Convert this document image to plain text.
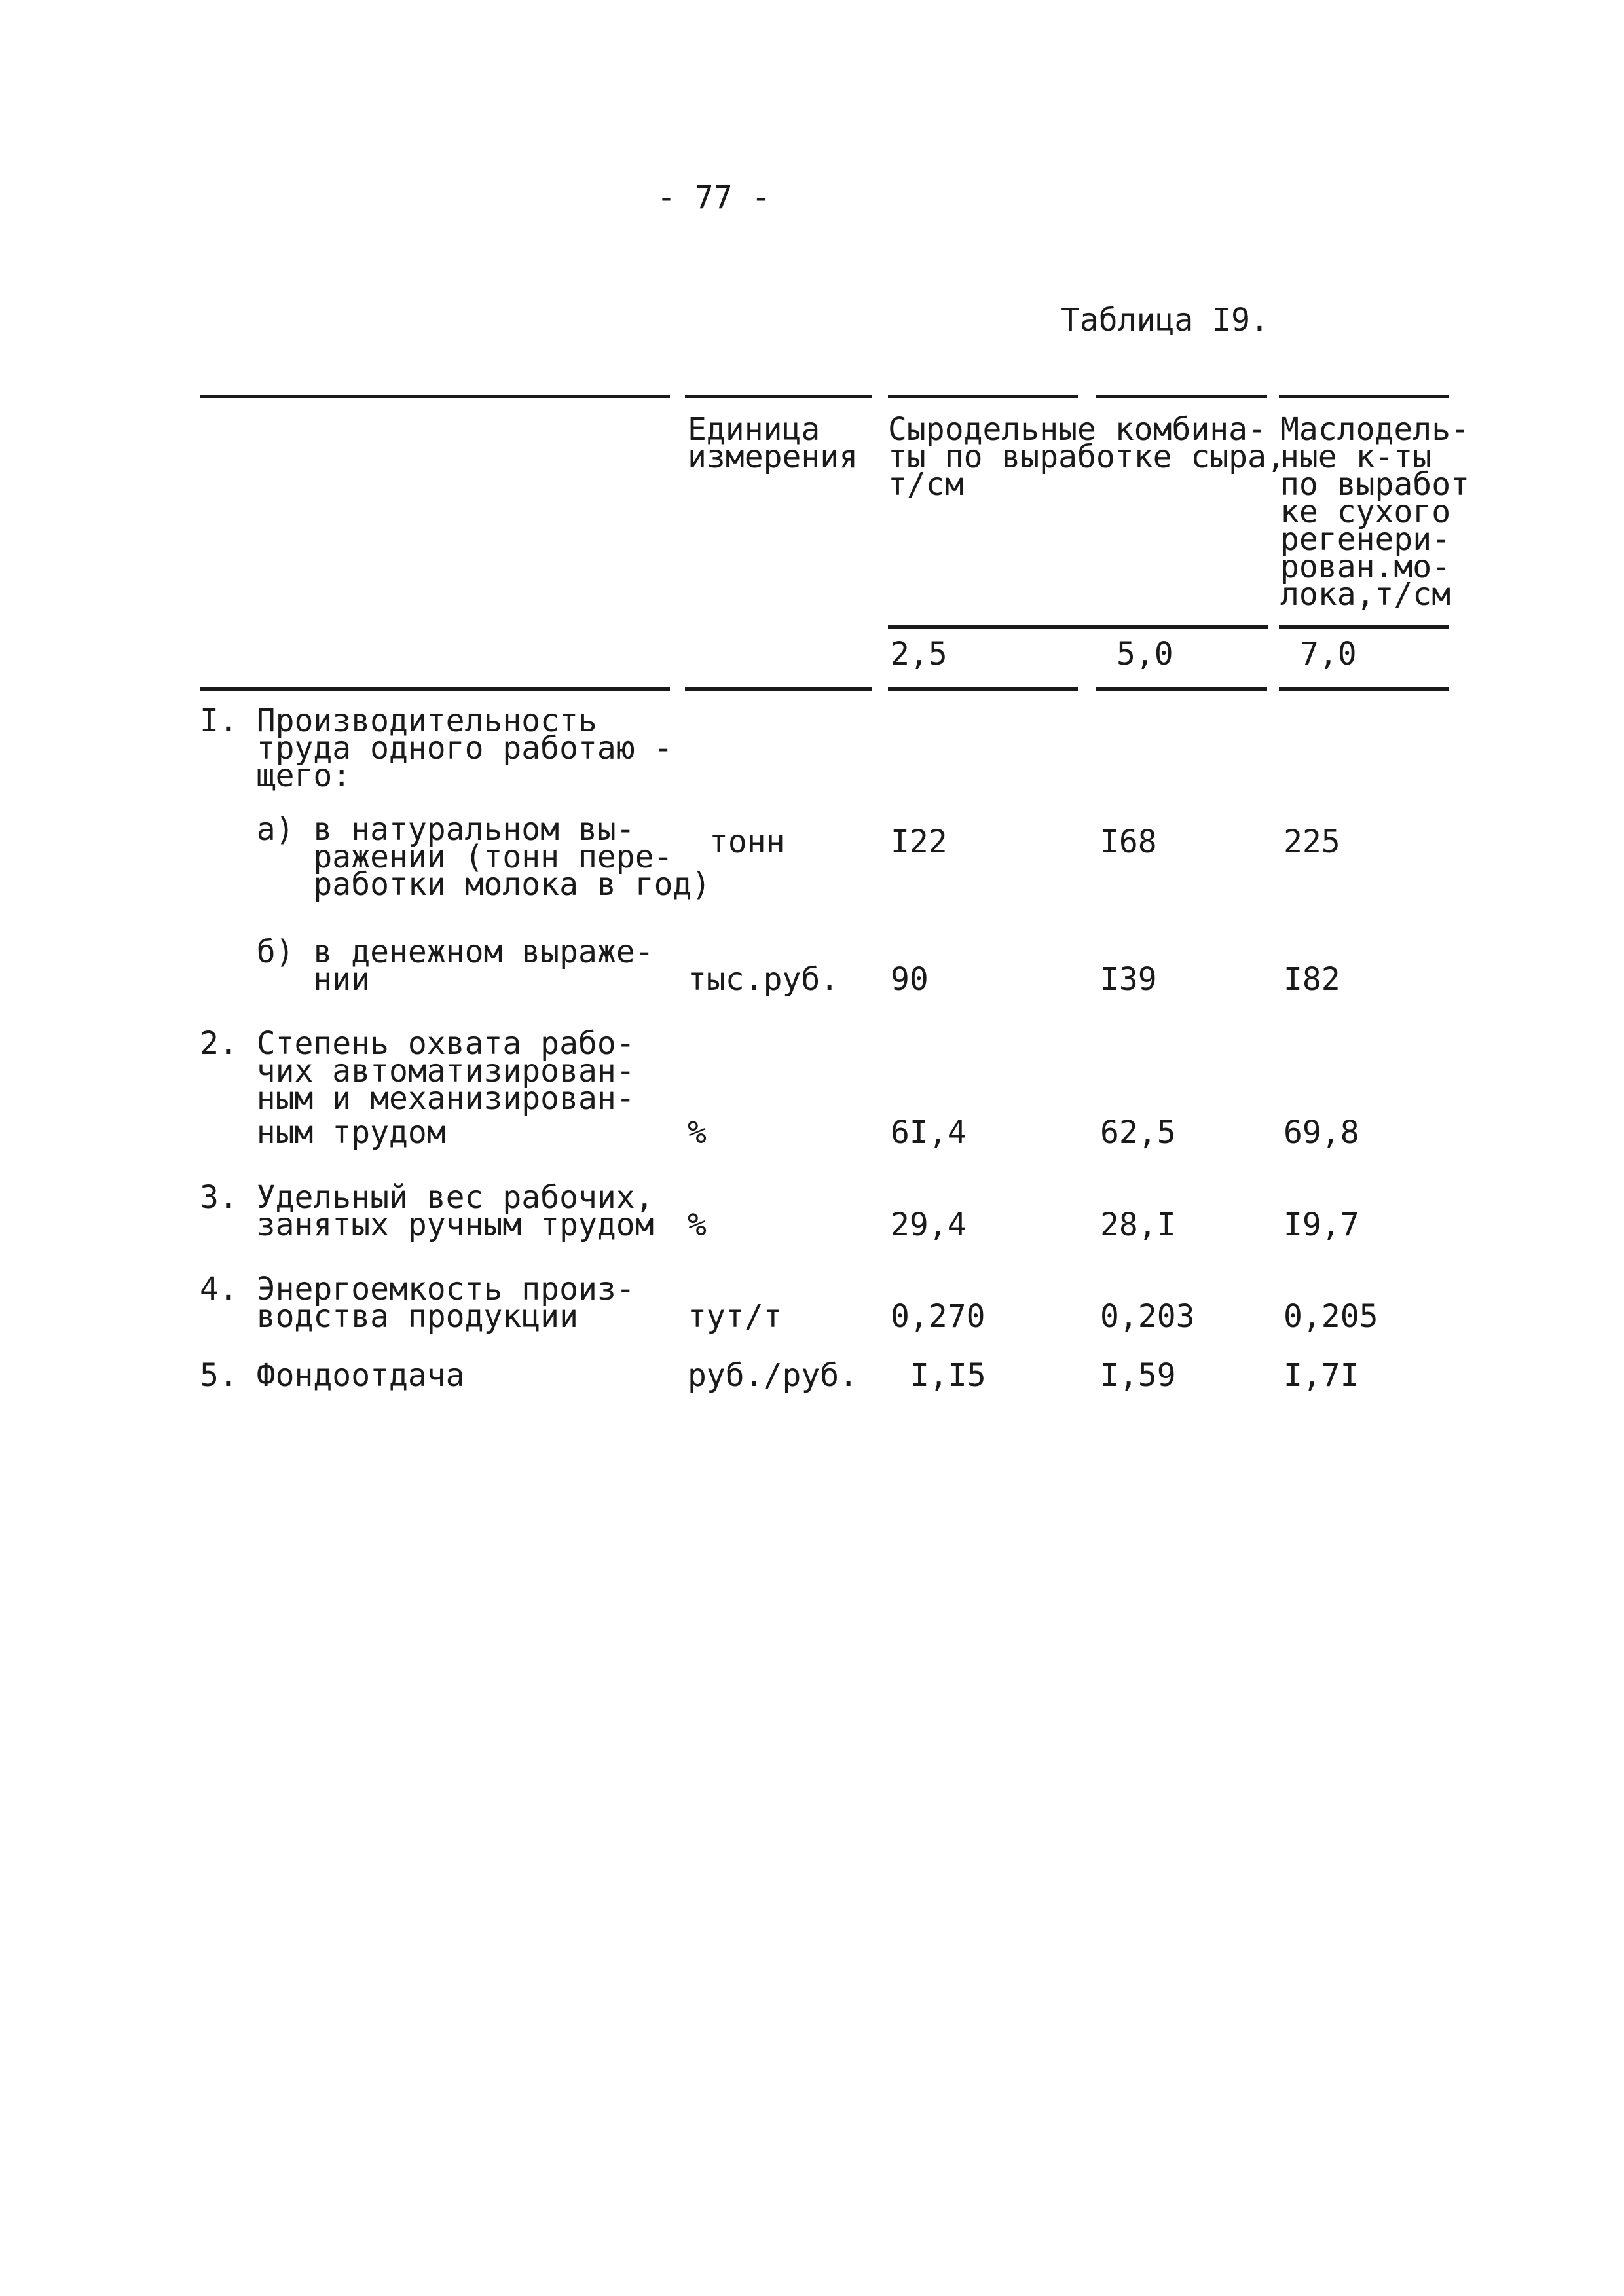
- 77 -
Таблица I9.
Единица
измерения
Сыродельные комбина-
ты по выработке сыра,
т/см
Маслодель-
ные к-ты
по выработ
ке сухого
регенери-
рован.мо-
лока,т/см
2,5	5,0	7,0
I. Производительность
труда одного работаю -
щего:
а) в натуральном вы-
ражении (тонн пере-
работки молока в год)
тонн	I22	I68	225
б) в денежном выраже-
нии	тыс.руб. 90	I39	I82
2. Степень охвата рабо-
чих автоматизирован-
ным и механизирован-
ным трудом	%	6I,4	62,5	69,8
3. Удельный вес рабочих,
занятых ручным трудом %	29,4	28,I	I9,7
4. Энергоемкость произ-
водства продукции	тут/т	0,270	0,203	0,205
5. Фондоотдача	руб./руб. I,I5	I,59	I,7I
